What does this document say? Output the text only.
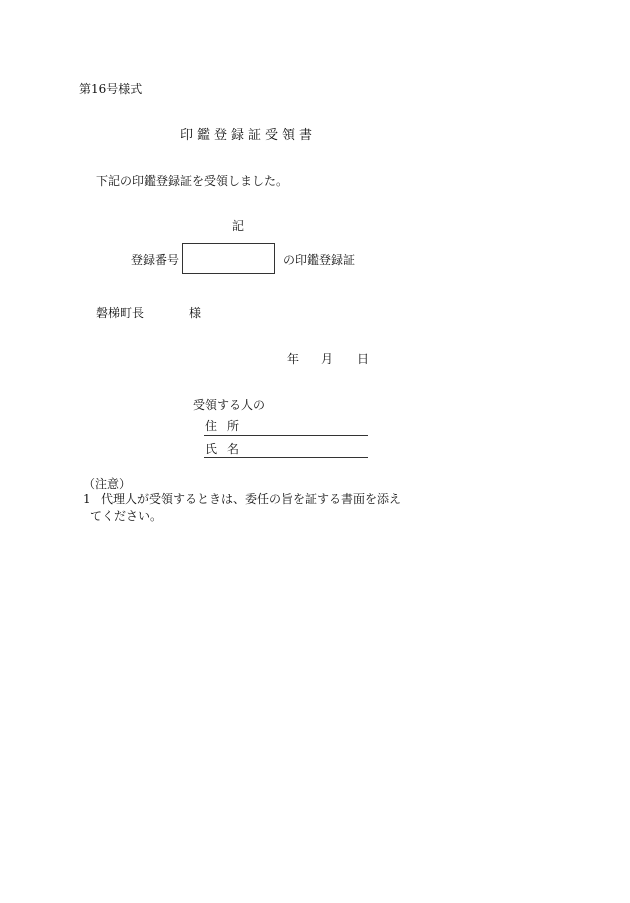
第16号様式
印鑑登録証受領書
下記の印鑑登録証を受領しました。
記
登録番号	の印鑑登録証
磐梯町長	様
年 月 日
受領する人の
住所
氏名
（注意）
1 代理人が受領するときは、委任の旨を証する書面を添え
てください。
